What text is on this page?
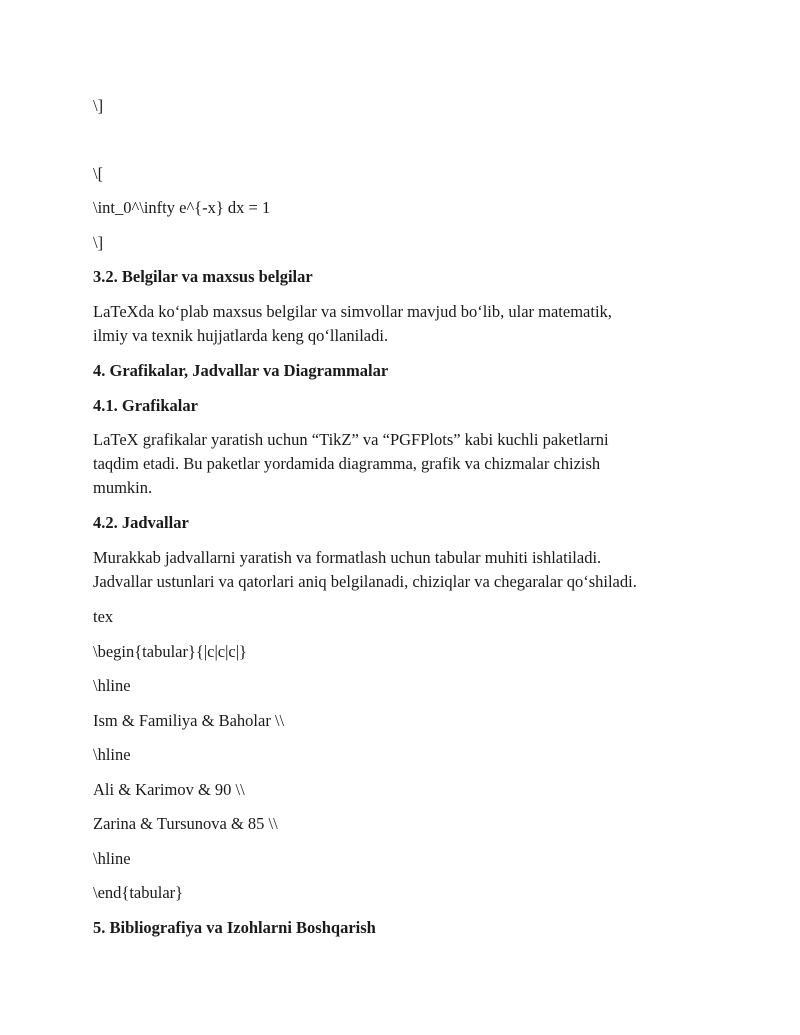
\]
\[
\int_0^\infty e^{-x} dx = 1
\]
3.2. Belgilar va maxsus belgilar
LaTeXda ko‘plab maxsus belgilar va simvollar mavjud bo‘lib, ular matematik,
ilmiy va texnik hujjatlarda keng qo‘llaniladi.
4. Grafikalar, Jadvallar va Diagrammalar
4.1. Grafikalar
LaTeX grafikalar yaratish uchun “TikZ” va “PGFPlots” kabi kuchli paketlarni
taqdim etadi. Bu paketlar yordamida diagramma, grafik va chizmalar chizish
mumkin.
4.2. Jadvallar
Murakkab jadvallarni yaratish va formatlash uchun tabular muhiti ishlatiladi.
Jadvallar ustunlari va qatorlari aniq belgilanadi, chiziqlar va chegaralar qo‘shiladi.
tex
\begin{tabular}{|c|c|c|}
\hline
Ism & Familiya & Baholar \\
\hline
Ali & Karimov & 90 \\
Zarina & Tursunova & 85 \\
\hline
\end{tabular}
5. Bibliografiya va Izohlarni Boshqarish
